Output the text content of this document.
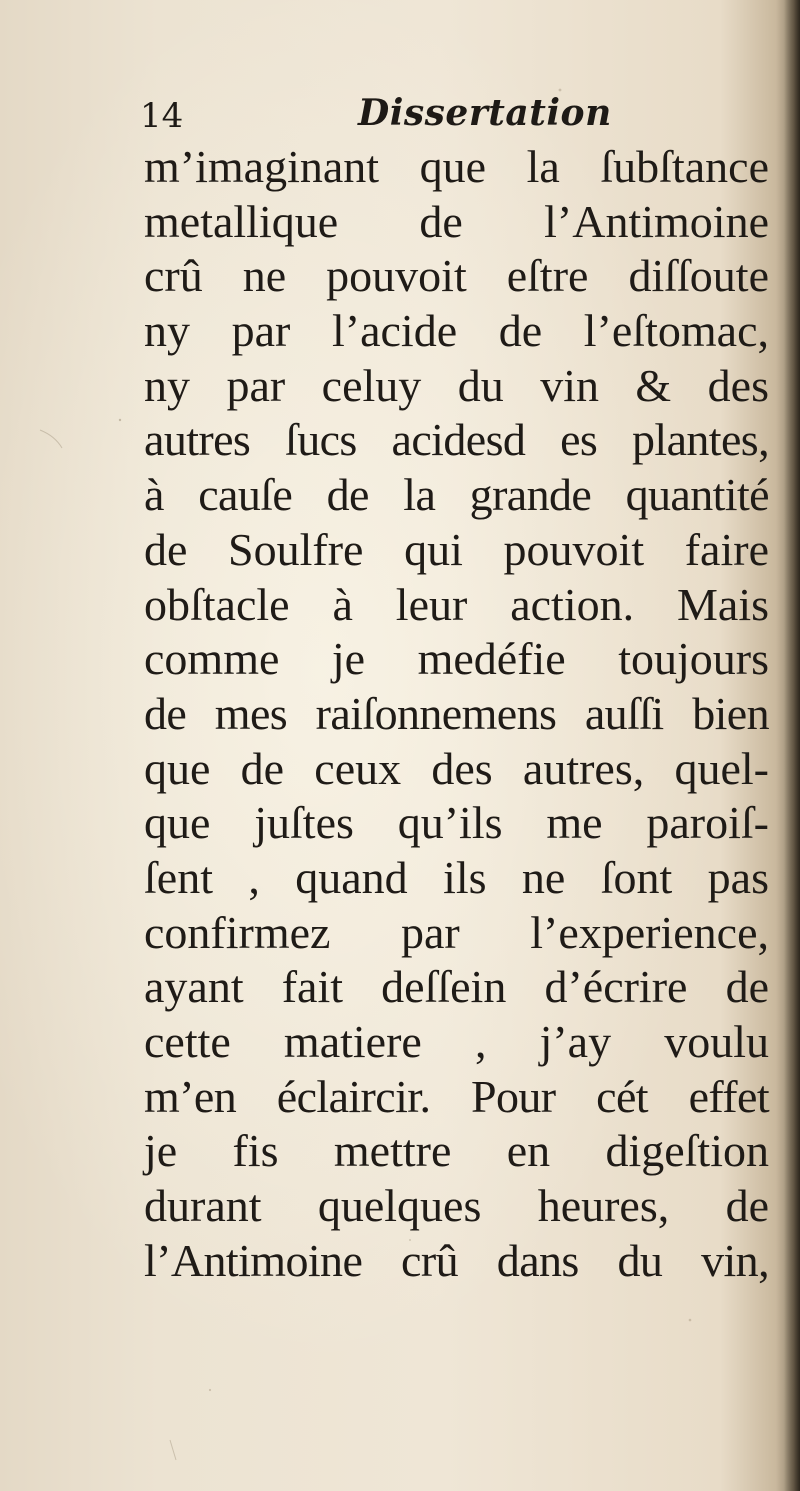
14	Dissertation
m’imaginant que la ſubſtance
metallique de l’Antimoine
crû ne pouvoit eſtre diſſoute
ny par l’acide de l’eſtomac,
ny par celuy du vin & des
autres ſucs acidesd es plantes,
à cauſe de la grande quantité
de Soulfre qui pouvoit faire
obſtacle à leur action. Mais
comme je medéfie toujours
de mes raiſonnemens auſſi bien
que de ceux des autres, quel-
que juſtes qu’ils me paroiſ-
ſent , quand ils ne ſont pas
confirmez par l’experience,
ayant fait deſſein d’écrire de
cette matiere , j’ay voulu
m’en éclaircir. Pour cét effet
je fis mettre en digeſtion
durant quelques heures, de
l’Antimoine crû dans du vin,
